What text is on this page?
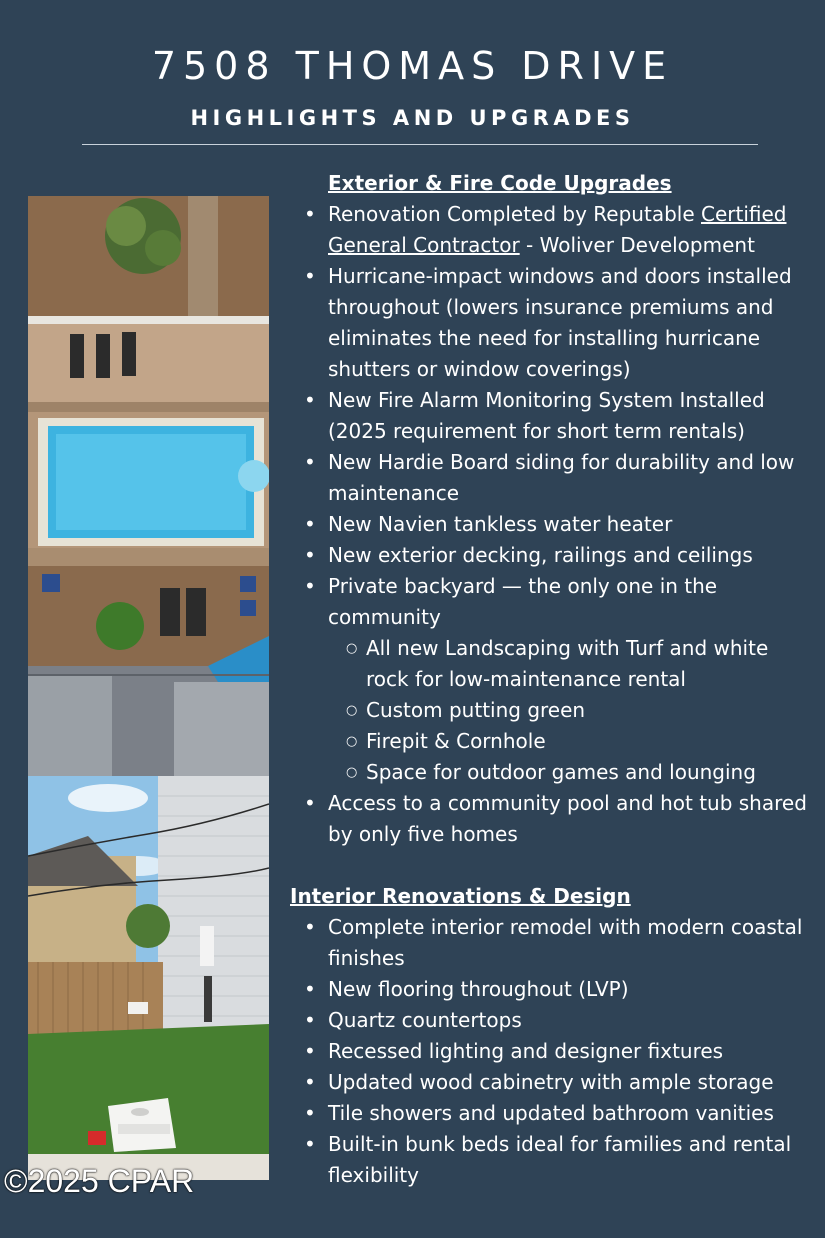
7508 THOMAS DRIVE
HIGHLIGHTS AND UPGRADES

Exterior & Fire Code Upgrades

• Renovation Completed by Reputable Certified General Contractor - Woliver Development
• Hurricane-impact windows and doors installed throughout (lowers insurance premiums and eliminates the need for installing hurricane shutters or window coverings)
• New Fire Alarm Monitoring System Installed (2025 requirement for short term rentals)
• New Hardie Board siding for durability and low maintenance
• New Navien tankless water heater
• New exterior decking, railings and ceilings
• Private backyard — the only one in the community
○ All new Landscaping with Turf and white rock for low-maintenance rental
○ Custom putting green
○ Firepit & Cornhole
○ Space for outdoor games and lounging
• Access to a community pool and hot tub shared by only five homes

Interior Renovations & Design

• Complete interior remodel with modern coastal finishes
• New flooring throughout (LVP)
• Quartz countertops
• Recessed lighting and designer fixtures
• Updated wood cabinetry with ample storage
• Tile showers and updated bathroom vanities
• Built-in bunk beds ideal for families and rental flexibility
©2025 CPAR
